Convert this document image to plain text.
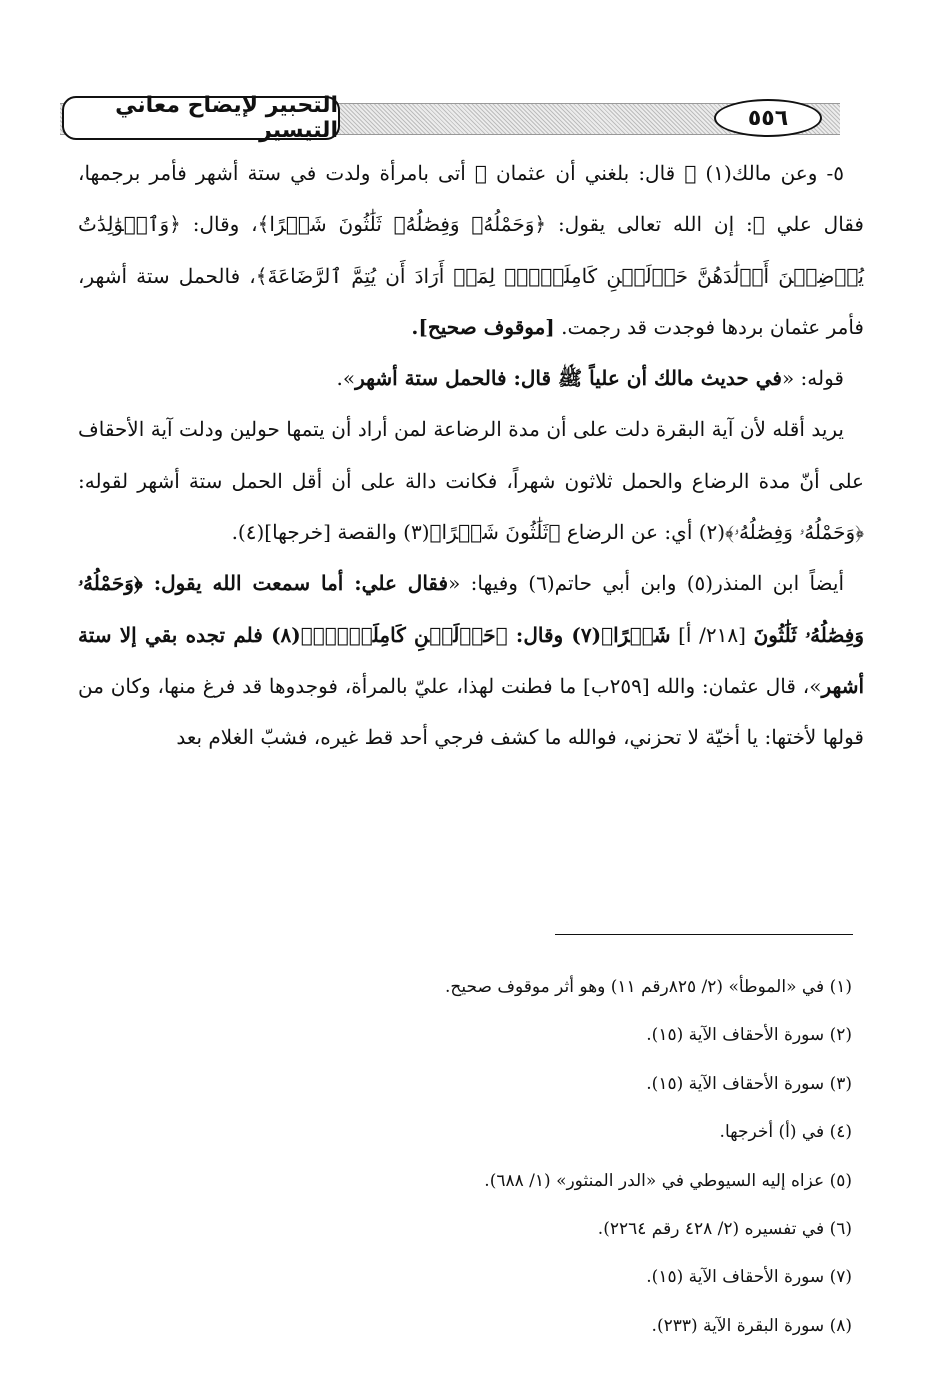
التحبير لإيضاح معاني التيسير	٥٥٦

٥- وعن مالك(١) ﷺ قال: بلغني أن عثمان ﷺ أتى بامرأة ولدت في ستة أشهر فأمر برجمها، فقال علي ﷺ: إن الله تعالى يقول: ﴿وَحَمْلُهُۥ وَفِصَٰلُهُۥ ثَلَٰثُونَ شَهۡرًا﴾، وقال: ﴿وَٱلۡوَٰلِدَٰتُ يُرۡضِعۡنَ أَوۡلَٰدَهُنَّ حَوۡلَيۡنِ كَامِلَيۡنِۖ لِمَنۡ أَرَادَ أَن يُتِمَّ ٱلرَّضَاعَةَ﴾، فالحمل ستة أشهر، فأمر عثمان بردها فوجدت قد رجمت. [موقوف صحيح].

قوله: «في حديث مالك أن علياً ﷺ قال: فالحمل ستة أشهر».

يريد أقله لأن آية البقرة دلت على أن مدة الرضاعة لمن أراد أن يتمها حولين ودلت آية الأحقاف على أنّ مدة الرضاع والحمل ثلاثون شهراً، فكانت دالة على أن أقل الحمل ستة أشهر لقوله: ﴿وَحَمْلُهُۥ وَفِصَٰلُهُۥ﴾(٢) أي: عن الرضاع ﴿ثَلَٰثُونَ شَهۡرًا﴾(٣) والقصة [خرجها](٤).

أيضاً ابن المنذر(٥) وابن أبي حاتم(٦) وفيها: «فقال علي: أما سمعت الله يقول: ﴿وَحَمْلُهُۥ وَفِصَٰلُهُۥ ثَلَٰثُونَ [٢١٨/ أ] شَهۡرًا﴾(٧) وقال: ﴿حَوۡلَيۡنِ كَامِلَيۡنِۖ﴾(٨) فلم تجده بقي إلا ستة أشهر»، قال عثمان: والله [٢٥٩ب] ما فطنت لهذا، عليّ بالمرأة، فوجدوها قد فرغ منها، وكان من قولها لأختها: يا أخيّة لا تحزني، فوالله ما كشف فرجي أحد قط غيره، فشبّ الغلام بعد

(١) في «الموطأ» (٢/ ٨٢٥رقم ١١) وهو أثر موقوف صحيح.
(٢) سورة الأحقاف الآية (١٥).
(٣) سورة الأحقاف الآية (١٥).
(٤) في (أ) أخرجها.
(٥) عزاه إليه السيوطي في «الدر المنثور» (١/ ٦٨٨).
(٦) في تفسيره (٢/ ٤٢٨ رقم ٢٢٦٤).
(٧) سورة الأحقاف الآية (١٥).
(٨) سورة البقرة الآية (٢٣٣).
